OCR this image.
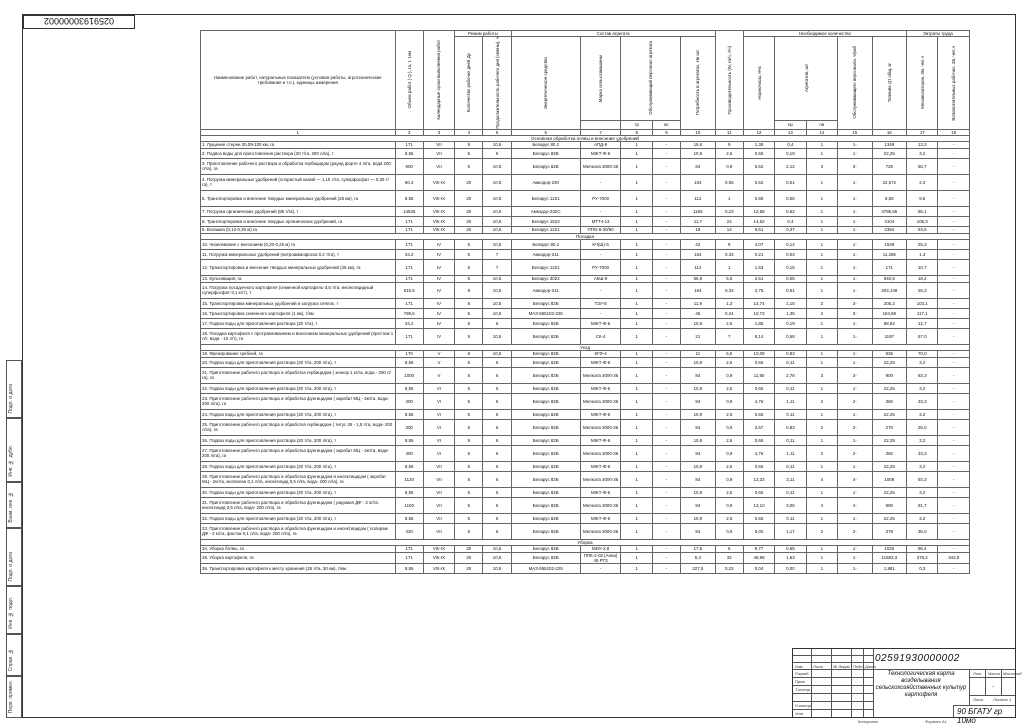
02591930000002
Подп. и дата
Инв. № дубл.
Взам. инв. №
Подп. и дата
Инв. № подл.
Справ. №
Перв. примен.
Наименование работ, натуральные показатели (условия работы, агротехнические требования и т.п.), единицы измерения	Объем работ ( Q ), га, т, т.км	Календарные сроки выполнения работ	Режим работы		Состав агрегата					Производительность (W, га/ч, т/ч)	Необходимое количество					Затраты труда	

			Количество рабочих дней Дp	Продолжительность рабочего дня (смены), ч	Энергетическое средство	Марка сельхозмашины	Обслуживающий персонал агрегата		Потребность в агрегатах, Ни шт		Нормочасы, Нчс	Агрегатов, шт		Обслуживающего персонала, ч/раб	Топлива Qт общ, кг	Механизаторов, Зм, чел.ч	Вспомогательных рабочих, Зв, чел.ч

							тр	вс				nр	nв				
1	2	3	4	5	6	7	8	9	10	11	12	13	14	15	16	17	18
Основная обработка почвы и внесение удобрений																	
1. Лущение стерни 20.09-100 км, га	171	VII	5	10,5	Беларус 80.2	АПД-9	1	-	15,6	9	1,38	0,4	1	1-	1349	13,2	-
2. Подвоз воды для приготовления раствора (20 т/га, 200 л/га), т	8,55	VII	5	6	Беларус 82Б	МЖТ-Ф-6	1	-	10,9	2,6	0,65	0,19	1	1-	22,25	3,2	-
3. Приготовление рабочего раствора и обработка гербицидом (раунд форте 4 л/га, вода 200 л/га), га	900	VII	5	10,5	Беларус 82Б	Мелкопа 3000-36	1	-	84	0,9	6,52	2,12	3	3-	726	66,7	-
4. Погрузка минеральных удобрений (хлористый калий — 1,15 т/га, суперфосфат — 0,25 т/га), т	60,4	VIII-IX	20	10,5	Амкодор-230	-	1	-	104	0,55	0,62	0,01	1	1-	22,572	2,3	-
5. Транспортировка и внесение твердых минеральных удобрений (25 км), га	8,55	VIII-IX	20	10,5	Беларус 1221	РУ-7000	1	-	112	1	0,68	0,06	1	1-	8,55	9,5	-
7. Погрузка органических удобрений (85 т/га), т	14535	VIII-IX	20	10,5	Амкодор-332С	-	1	-	1155	0,23	12,58	0,62	1	1-	4796,55	86,1	-
8. Транспортировка и внесение твердых органических удобрений, га	171	VIII-IX	20	10,5	Беларус 1523	МТТ4-13	1	-	11,7	24	14,62	0,4	1	1-	4104	105,3	-
9. Вспашка (0,12-0,30 м) га	171	VIII-IX	20	10,5	Беларус 1221	ППО-8-30/50	1	-	18	14	9,51	0,37	1	1-	2394	53,6	-
Посадка																	
10. Чизелевание с внесением (0,20-0,25 м) га	171	IV	5	10,5	Беларус 80.2	КЧ(Ш)-5	1	-	42	9	4,07	0,14	1	1-	1539	25,3	-
11. Погрузка минеральных удобрений (нитроаммофоска 0,2 т/га), т	34,2	IV	5	7	Амкодор-211	-	1	-	164	0,33	0,21	0,03	1	1-	11,286	1,3	-
12. Транспортировка и внесение твердых минеральных удобрений (25 км), га	171	IV	5	7	Беларус 1221	РУ-7000	1	-	112	1	1,53	0,15	1	1-	171	10,7	-
13. Культивация, га	171	IV	5	10,5	Беларус 3022	АКШ-9	1	-	66,8	5,5	2,61	0,05	1	1-	940,5	18,2	-
14. Погрузка посадочного картофеля (семенной картофель-3,5 т/га, инсектицидный суперфосфат-3,1 кг/т), т	615,6	IV	8	10,5	Амкодор-211	-	1	-	164	0,33	3,75	0,51	1	1-	203,148	26,3	-
15. Транспортировка минеральных удобрений и загрузка сеялок, т	171	IV	5	10,5	Беларус 82Б	ТЗУ-8	1	-	11,9	1,2	14,74	1,15	2	3-	205,2	103,1	-
16. Транспортировка семенного картофеля (1 км), т/км	799,5	IV	5	10,5	МАЗ-555102-225	-	1	-	46	0,24	10,73	1,35	2	3-	184,68	117,1	-
17. Подвоз воды для приготовления раствора (20 т/га), т	34,2	IV	5	6	Беларус 82Б	МЖТ-Ф-6	1	-	10,9	2,6	1,85	0,19	1	1-	88,92	12,7	-
18. Посадка картофеля с протравливанием и внесением минеральных удобрений (престиж 1 л/т, вода - 10 л/т), га	171	IV	5	10,5	Беларус 82Б	СК-4	1	-	21	7	8,14	0,68	1	1-	1197	57,0	-
Уход																	
19. Фрезерование гребней, га	170	V	8	10,5	Беларус 82Б	КГФ-4	1	-	11	5,5	10,08	0,83	1	1-	935	70,0	-
20. Подвоз воды для приготовления раствора (20 т/га, 200 л/га), т	8,55	V	5	6	Беларус 82Б	МЖТ-Ф-6	1	-	10,9	2,6	0,65	0,11	1	1-	22,25	3,2	-
21. Приготовление рабочего раствора и обработка гербицидом ( зенкор 1 кг/га, вода - 200 л/га), га	1000	V	5	6	Беларус 82Б	Мелкопа 3000-36	1	-	84	0,9	11,90	2,78	3	3-	900	83,3	-
22. Подвоз воды для приготовления раствора (20 т/га, 200 л/га), т	8,55	VI	5	6	Беларус 82Б	МЖТ-Ф-6	1	-	10,9	2,6	0,65	0,11	1	1-	22,25	3,2	-
23. Приготовление рабочего раствора и обработка фунгицидом ( акробат МЦ - 2кг/га, вода- 200 л/га), га	400	VI	5	6	Беларус 82Б	Мелкопа 3000-36	1	-	84	0,9	4,76	1,11	2	2-	360	33,3	-
24. Подвоз воды для приготовления раствора (20 т/га, 200 л/га), т	8,55	VI	5	6	Беларус 82Б	МЖТ-Ф-6	1	-	10,9	2,6	0,65	0,11	1	1-	22,25	3,2	-
25. Приготовление рабочего раствора и обработка гербицидом ( титус 45 - 1,5 г/га, вода- 200 л/га), га	300	VI	5	6	Беларус 82Б	Мелкопа 3000-36	1	-	84	0,9	3,57	0,83	2	2-	270	25,0	-
26. Подвоз воды для приготовления раствора (20 т/га, 200 л/га), т	8,55	VI	5	6	Беларус 82Б	МЖТ-Ф-6	1	-	10,9	2,6	0,65	0,11	1	1-	22,25	3,2	-
27. Приготовление рабочего раствора и обработка фунгицидом ( акробат МЦ - 2кг/га, вода- 200 л/га), га	400	VI	5	6	Беларус 82Б	Мелкопа 3000-36	1	-	84	0,9	4,76	1,11	2	2-	360	33,3	-
28. Подвоз воды для приготовления раствора (20 т/га, 200 л/га), т	8,55	VII	5	6	Беларус 82Б	МЖТ-Ф-6	1	-	10,9	2,6	0,65	0,11	1	1-	22,25	3,2	-
29. Приготовление рабочего раствора и обработка фунгицидом и инсектицидом ( акробат МЦ - 2кг/га, моспилан 0,1 л/га, инсектицид 0,5 л/га, вода- 200 л/га), га	1120	VII	5	6	Беларус 82Б	Мелкопа 3000-36	1	-	84	0,9	13,33	3,11	4	4-	1008	93,3	-
30. Подвоз воды для приготовления раствора (20 т/га, 200 л/га), т	8,55	VII	5	6	Беларус 82Б	МЖТ-Ф-6	1	-	10,9	2,6	0,65	0,11	1	1-	22,25	3,2	-
31. Приготовление рабочего раствора и обработка фунгицидом ( ридомил ДФ - 2 кг/га, инсектицид 0,5 л/га, вода- 200 л/га), га	1100	VII	5	6	Беларус 82Б	Мелкопа 3000-36	1	-	84	0,9	13,10	3,06	4	4-	990	91,7	-
32. Подвоз воды для приготовления раствора (20 т/га, 200 л/га), т	8,55	VII	5	6	Беларус 82Б	МЖТ-Ф-6	1	-	10,9	2,6	0,65	0,11	1	1-	22,25	3,2	-
33. Приготовление рабочего раствора и обработка фунгицидом и инсектицидом ( полирам ДФ - 2 кг/га, фастак 0,1 л/га, вода- 200 л/га), га	420	VII	5	6	Беларус 82Б	Мелкопа 3000-36	1	-	84	0,9	5,00	1,17	2	2-	378	35,0	-
Уборка																	
34. Уборка ботвы, га	171	VIII-IX	20	10,5	Беларус 82Б	МИУ-2,8	1	-	17,5	6	9,77	0,65	1	1-	1026	86,4	-
35. Уборка картофеля, га	171	VIII-IX	20	10,5	Беларус 82Б	ППК-2-02 (Анна) 45 РТЗ	1	-	5,3	32	48,98	1,63	1	1-	11583,3	376,2	342,0
36. Транспортировка картофеля к месту хранения (25 т/га, 30 км), т/км	8,55	VIII-IX	20	10,5	МАЗ-555102-225	-	1	-	227,5	0,22	0,04	0,00	1	1-	1,881	0,3	-
02591930000002
Технологическая карта
возделывания сельскохозяйственных культур
картофеля
90 БГАТУ гр 10мо
Лит. Масса Масштаб
-
Лист Листов 1
Изм. Лист № докум. Подп. Дата
Разраб.
Пров.
Т.контр.
Н.контр.
Утв.
Копировал	Формат A1
